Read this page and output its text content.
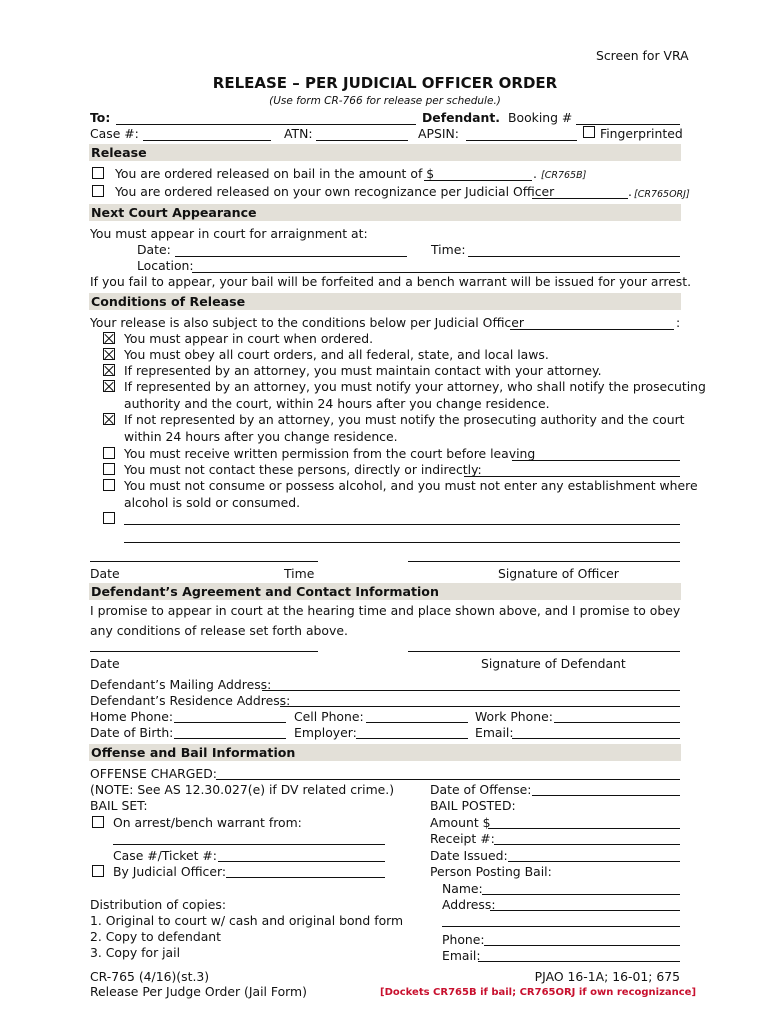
Screen for VRA
RELEASE – PER JUDICIAL OFFICER ORDER
(Use form CR-766 for release per schedule.)
To:	Defendant. Booking #
Case #:	ATN:	APSIN:	Fingerprinted
Release
You are ordered released on bail in the amount of $	. [CR765B]
You are ordered released on your own recognizance per Judicial Officer	. [CR765ORJ]
Next Court Appearance
You must appear in court for arraignment at:
Date:	Time:
Location:
If you fail to appear, your bail will be forfeited and a bench warrant will be issued for your arrest.
Conditions of Release
Your release is also subject to the conditions below per Judicial Officer	:
You must appear in court when ordered.
You must obey all court orders, and all federal, state, and local laws.
If represented by an attorney, you must maintain contact with your attorney.
If represented by an attorney, you must notify your attorney, who shall notify the prosecuting
authority and the court, within 24 hours after you change residence.
If not represented by an attorney, you must notify the prosecuting authority and the court
within 24 hours after you change residence.
You must receive written permission from the court before leaving
You must not contact these persons, directly or indirectly:
You must not consume or possess alcohol, and you must not enter any establishment where
alcohol is sold or consumed.
Date	Time	Signature of Officer
Defendant’s Agreement and Contact Information
I promise to appear in court at the hearing time and place shown above, and I promise to obey
any conditions of release set forth above.
Date	Signature of Defendant
Defendant’s Mailing Address:
Defendant’s Residence Address:
Home Phone:	Cell Phone:	Work Phone:
Date of Birth:	Employer:	Email:
Offense and Bail Information
OFFENSE CHARGED:
(NOTE: See AS 12.30.027(e) if DV related crime.)	Date of Offense:
BAIL SET:	BAIL POSTED:
On arrest/bench warrant from:	Amount $
Receipt #:
Case #/Ticket #:	Date Issued:
By Judicial Officer:	Person Posting Bail:
Name:
Address:
Phone:
Email:
Distribution of copies:
1. Original to court w/ cash and original bond form
2. Copy to defendant
3. Copy for jail
CR-765 (4/16)(st.3)
Release Per Judge Order (Jail Form)
PJAO 16-1A; 16-01; 675
[Dockets CR765B if bail; CR765ORJ if own recognizance]
